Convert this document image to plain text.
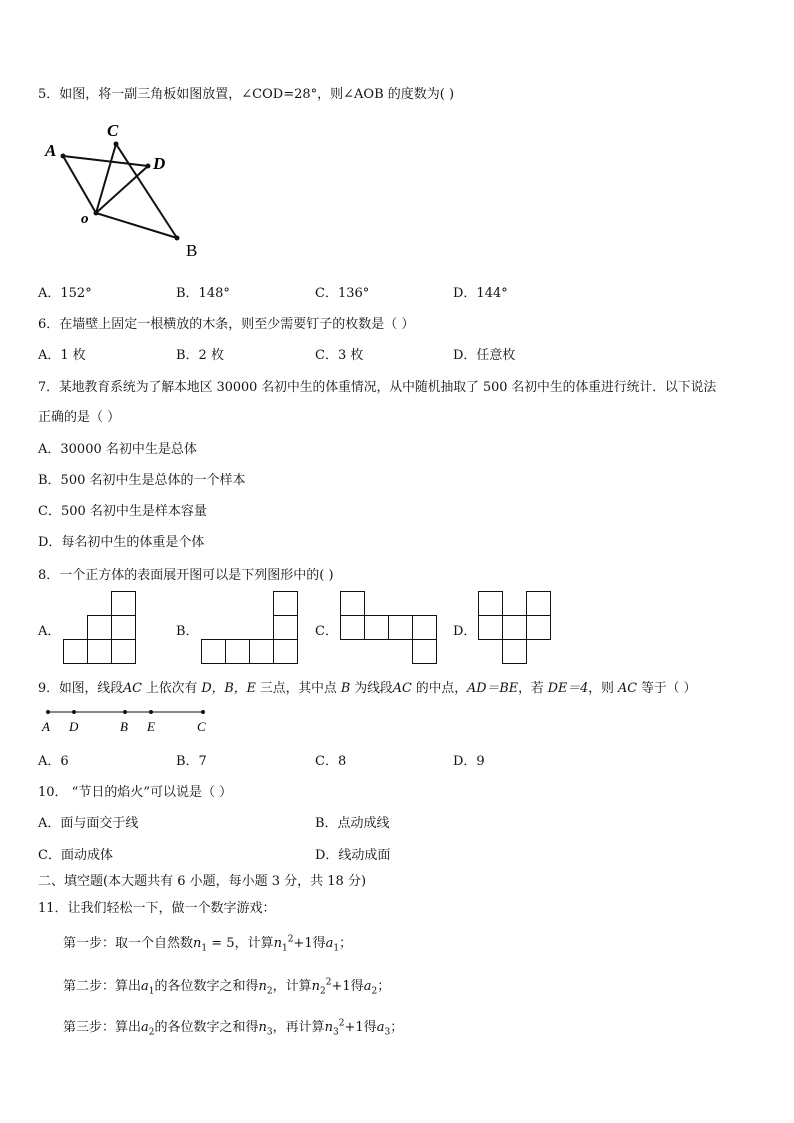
5．如图，将一副三角板如图放置，∠COD=28°，则∠AOB 的度数为( )
A
C
D
o
B
A．152°	B．148°	C．136°	D．144°
6．在墙壁上固定一根横放的木条，则至少需要钉子的枚数是（ ）
A．1 枚	B．2 枚	C．3 枚	D．任意枚
7．某地教育系统为了解本地区 30000 名初中生的体重情况，从中随机抽取了 500 名初中生的体重进行统计．以下说法
正确的是（ ）
A．30000 名初中生是总体
B．500 名初中生是总体的一个样本
C．500 名初中生是样本容量
D．每名初中生的体重是个体
8．一个正方体的表面展开图可以是下列图形中的( )
A．	B．	C．	D．
9．如图，线段AC 上依次有 D，B，E 三点，其中点 B 为线段AC 的中点，AD＝BE，若 DE＝4，则 AC 等于（ ）
A D	B E	C
A．6	B．7	C．8	D．9
10． “节日的焰火”可以说是（ ）
A．面与面交于线	B．点动成线
C．面动成体	D．线动成面
二、填空题(本大题共有 6 小题，每小题 3 分，共 18 分)
11．让我们轻松一下，做一个数字游戏：
第一步：取一个自然数$n_1 = 5$，计算$n_1^2+1$得$a_1$；
第二步：算出$a_1$的各位数字之和得$n_2$，计算$n_2^2+1$得$a_2$；
第三步：算出$a_2$的各位数字之和得$n_3$，再计算$n_3^2+1$得$a_3$；
